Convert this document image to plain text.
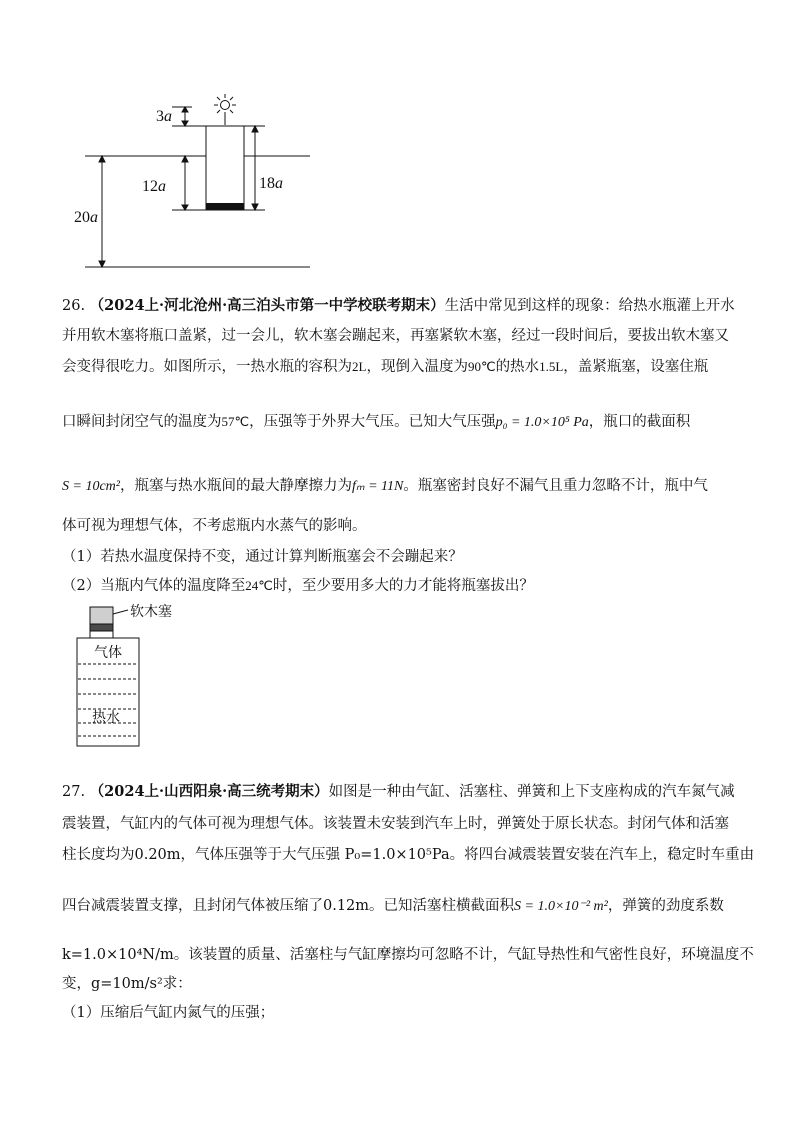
3a
12a	18a
20a
26. （2024上·河北沧州·高三泊头市第一中学校联考期末）生活中常见到这样的现象：给热水瓶灌上开水
并用软木塞将瓶口盖紧，过一会儿，软木塞会蹦起来，再塞紧软木塞，经过一段时间后，要拔出软木塞又
会变得很吃力。如图所示，一热水瓶的容积为2L，现倒入温度为90℃的热水1.5L，盖紧瓶塞，设塞住瓶
口瞬间封闭空气的温度为57℃，压强等于外界大气压。已知大气压强p₀ = 1.0×10⁵ Pa，瓶口的截面积
S = 10cm²，瓶塞与热水瓶间的最大静摩擦力为fₘ = 11N。瓶塞密封良好不漏气且重力忽略不计，瓶中气
体可视为理想气体，不考虑瓶内水蒸气的影响。
（1）若热水温度保持不变，通过计算判断瓶塞会不会蹦起来？
（2）当瓶内气体的温度降至24℃时，至少要用多大的力才能将瓶塞拔出？
软木塞
气体
热水
27. （2024上·山西阳泉·高三统考期末）如图是一种由气缸、活塞柱、弹簧和上下支座构成的汽车氮气减
震装置，气缸内的气体可视为理想气体。该装置未安装到汽车上时，弹簧处于原长状态。封闭气体和活塞
柱长度均为0.20m，气体压强等于大气压强 P₀=1.0×10⁵Pa。将四台减震装置安装在汽车上，稳定时车重由
四台减震装置支撑，且封闭气体被压缩了0.12m。已知活塞柱横截面积S = 1.0×10⁻² m²，弹簧的劲度系数
k=1.0×10⁴N/m。该装置的质量、活塞柱与气缸摩擦均可忽略不计，气缸导热性和气密性良好，环境温度不
变，g=10m/s²求：
（1）压缩后气缸内氮气的压强；
